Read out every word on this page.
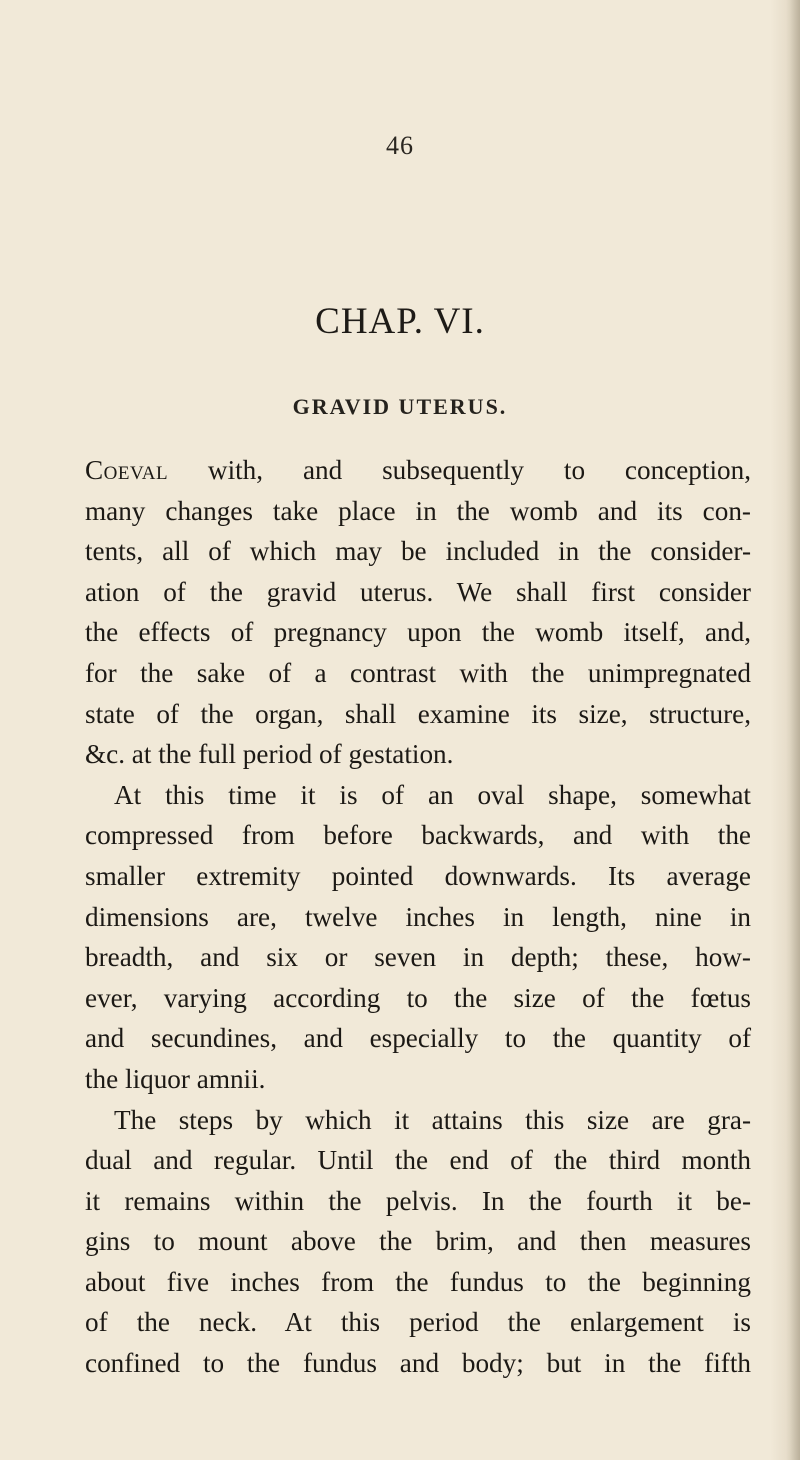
46
CHAP. VI.
GRAVID UTERUS.
Coeval with, and subsequently to conception,
many changes take place in the womb and its con-
tents, all of which may be included in the consider-
ation of the gravid uterus. We shall first consider
the effects of pregnancy upon the womb itself, and,
for the sake of a contrast with the unimpregnated
state of the organ, shall examine its size, structure,
&c. at the full period of gestation.
At this time it is of an oval shape, somewhat
compressed from before backwards, and with the
smaller extremity pointed downwards. Its average
dimensions are, twelve inches in length, nine in
breadth, and six or seven in depth; these, how-
ever, varying according to the size of the fœtus
and secundines, and especially to the quantity of
the liquor amnii.
The steps by which it attains this size are gra-
dual and regular. Until the end of the third month
it remains within the pelvis. In the fourth it be-
gins to mount above the brim, and then measures
about five inches from the fundus to the beginning
of the neck. At this period the enlargement is
confined to the fundus and body; but in the fifth
